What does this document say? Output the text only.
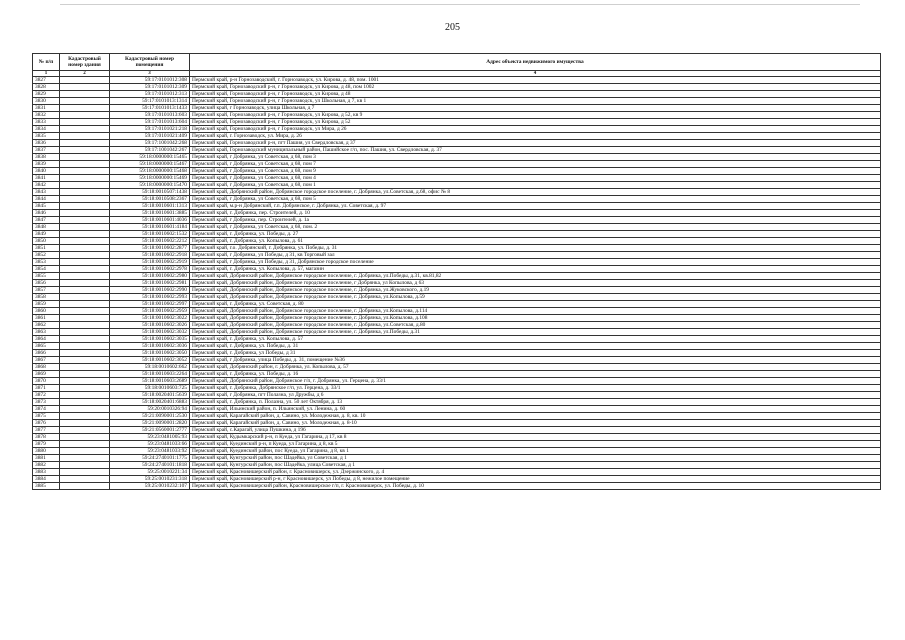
205
№ п/п	Кадастровый номер здания	Кадастровый номер помещения	Адрес объекта недвижимого имущества
1	2	3	4
3827		59:17:0101012:308	Пермский край, р-н Горнозаводский, г. Горнозаводск, ул. Кирова, д. 48, пом. 1001
3828		59:17:0101012:309	Пермский край, Горнозаводский р-н, г Горнозаводск, ул Кирова, д 48, пом 1002
3829		59:17:0101012:313	Пермский край, Горнозаводский р-н, г Горнозаводск, ул Кирова, д 48
3830		59:17:0101013:1314	Пермский край, Горнозаводский р-н, г Горнозаводск, ул Школьная, д 7, кв 1
3831		59:17:0101013:1433	Пермский край, г Горнозаводск, улица Школьная, д 7
3832		59:17:0101013:603	Пермский край, Горнозаводский р-н, г Горнозаводск, ул Кирова, д 52, кв 9
3833		59:17:0101013:604	Пермский край, Горнозаводский р-н, г Горнозаводск, ул Кирова, д 52
3834		59:17:0101021:218	Пермский край, Горнозаводский р-н, г Горнозаводск, ул Мира, д 26
3835		59:17:0101021:409	Пермский край, г. Горнозаводск, ул. Мира, д. 26
3836		59:17:1001042:268	Пермский край, Горнозаводский р-н, пгт Пашия, ул Свердловская, д 37
3837		59:17:1001042:267	Пермский край, Горнозаводский муниципальный район, Пашийское г/п, пос. Пашия, ул. Свердловская, д. 37
3838		59:18:0000000:15465	Пермский край, г Добрянка, ул Советская, д 68, пом 3
3839		59:18:0000000:15467	Пермский край, г Добрянка, ул Советская, д 68, пом 7
3840		59:18:0000000:15468	Пермский край, г Добрянка, ул Советская, д 68, пом 9
3841		59:18:0000000:15469	Пермский край, г Добрянка, ул Советская, д 68, пом 4
3842		59:18:0000000:15470	Пермский край, г Добрянка, ул Советская, д 68, пом 1
3843		59:18:0010507:1438	Пермский край, Добрянский район, Добрянское городское поселение, г. Добрянка, ул.Советская, д.68, офис № 8
3844		59:18:0010508:2367	Пермский край, г Добрянка, ул Советская, д 68, пом 5
3845		59:18:0010601:1313	Пермский край, м.р-н Добрянский, г.п. Добрянское, г. Добрянка, ул. Советская, д. 97
3846		59:18:0010601:3885	Пермский край, г. Добрянка, пер. Строителей, д. 10
3847		59:18:0010601:4036	Пермский край, г Добрянка, пер. Строителей, д. 1а
3848		59:18:0010601:4184	Пермский край, г Добрянка, ул Советская, д 68, пом. 2
3849		59:18:0010602:1532	Пермский край, г. Добрянка, ул. Победы, д. 27
3850		59:18:0010602:2212	Пермский край, г. Добрянка, ул. Копылова, д. 61
3851		59:18:0010602:2877	Пермский край, г.о. Добрянский, г. Добрянка, ул. Победы, д. 31
3852		59:18:0010602:2918	Пермский край, г Добрянка, ул Победы, д 31, кв Торговый зал
3853		59:18:0010602:2919	Пермский край, г Добрянка, ул Победы, д 31, Добрянское городское поселение
3854		59:18:0010602:2978	Пермский край, г. Добрянка, ул. Копылова, д. 57, магазин
3855		59:18:0010602:2980	Пермский край, Добрянский район, Добрянское городское поселение, г. Добрянка, ул.Победы, д.31, кв.81,82
3856		59:18:0010602:2981	Пермский край, Добрянский район, Добрянское городское поселение, г Добрянка, ул Копылова, д 63
3857		59:18:0010602:2990	Пермский край, Добрянский район, Добрянское городское поселение, г. Добрянка, ул.Жуковского, д.19
3858		59:18:0010602:2993	Пермский край, Добрянский район, Добрянское городское поселение, г. Добрянка, ул.Копылова, д.59
3859		59:18:0010602:2997	Пермский край, г. Добрянка, ул. Советская, д. 80
3860		59:18:0010602:2959	Пермский край, Добрянский район, Добрянское городское поселение, г. Добрянка, ул.Копылова, д.114
3861		59:18:0010602:3022	Пермский край, Добрянский район, Добрянское городское поселение, г. Добрянка, ул.Копылова, д.108
3862		59:18:0010602:3026	Пермский край, Добрянский район, Добрянское городское поселение, г. Добрянка, ул.Советская, д.80
3863		59:18:0010602:3032	Пермский край, Добрянский район, Добрянское городское поселение, г. Добрянка, ул.Победы, д.31
3864		59:18:0010602:3035	Пермский край, г. Добрянка, ул. Копылова, д. 57
3865		59:18:0010602:3036	Пермский край, г. Добрянка, ул. Победы, д. 31
3866		59:18:0010602:3050	Пермский край, г. Добрянка, ул Победы, д 31
3867		59:18:0010602:3052	Пермский край, г Добрянка, улица Победы, д. 31, помещение №36
3868		59:18:0010602:662	Пермский край, Добрянский район, г. Добрянка, ул. Копылова, д. 57
3869		59:18:0010603:2264	Пермский край, г. Добрянка, ул. Победы, д. 16
3870		59:18:0010603:2689	Пермский край, Добрянский район, Добрянское г/п, г. Добрянка, ул. Герцена, д. 33/1
3871		59:18:0010603:725	Пермский край, г. Добрянка, Добрянское г/п, ул. Герцена, д. 33/1
3872		59:18:0020401:5639	Пермский край, г Добрянка, пгт Полазна, ул Дружбы, д 6
3873		59:18:0020401:6883	Пермский край, г. Добрянка, п. Полазна, ул. 50 лет Октября, д. 13
3874		59:20:0010326:94	Пермский край, Ильинский район, п. Ильинский, ул. Ленина, д. 60
3875		59:21:0090001:2530	Пермский край, Карагайский район, д. Савино, ул. Молодежная, д. 8, кв. 10
3876		59:21:0090001:2820	Пермский край, Карагайский район, д. Савино, ул. Молодежная, д. 8-10
3877		59:21:0560001:2777	Пермский край, с.Карагай, улица Пушкина, д 196
3878		59:23:0481005:93	Пермский край, Кудымкарский р-н, п Куеда, ул Гагарина, д 17, кв 8
3879		59:23:0481033:66	Пермский край, Куединский р-н, п Куеда, ул Гагарина, д 8, кв 5
3880		59:23:0481033:92	Пермский край, Куединский район, пос Куеда, ул Гагарина, д 8, кв 1
3881		59:24:2740101:1775	Пермский край, Кунгурский район, пос Шадейка, ул Советская, д 1
3882		59:24:2740101:1818	Пермский край, Кунгурский район, пос Шадейка, улица Советская, д 1
3883		59:25:0010221:34	Пермский край, Красновишерский район, г. Красновишерск, ул. Дзержинского, д. 4
3884		59:25:0010231:318	Пермский край, Красновишерский р-н, г Красновишерск, ул Победы, д 8, нежилое помещение
3885		59:25:0010232:107	Пермский край, Красновишерский район, Красновишерское г/п, г. Красновишерск, ул. Победы, д. 10
